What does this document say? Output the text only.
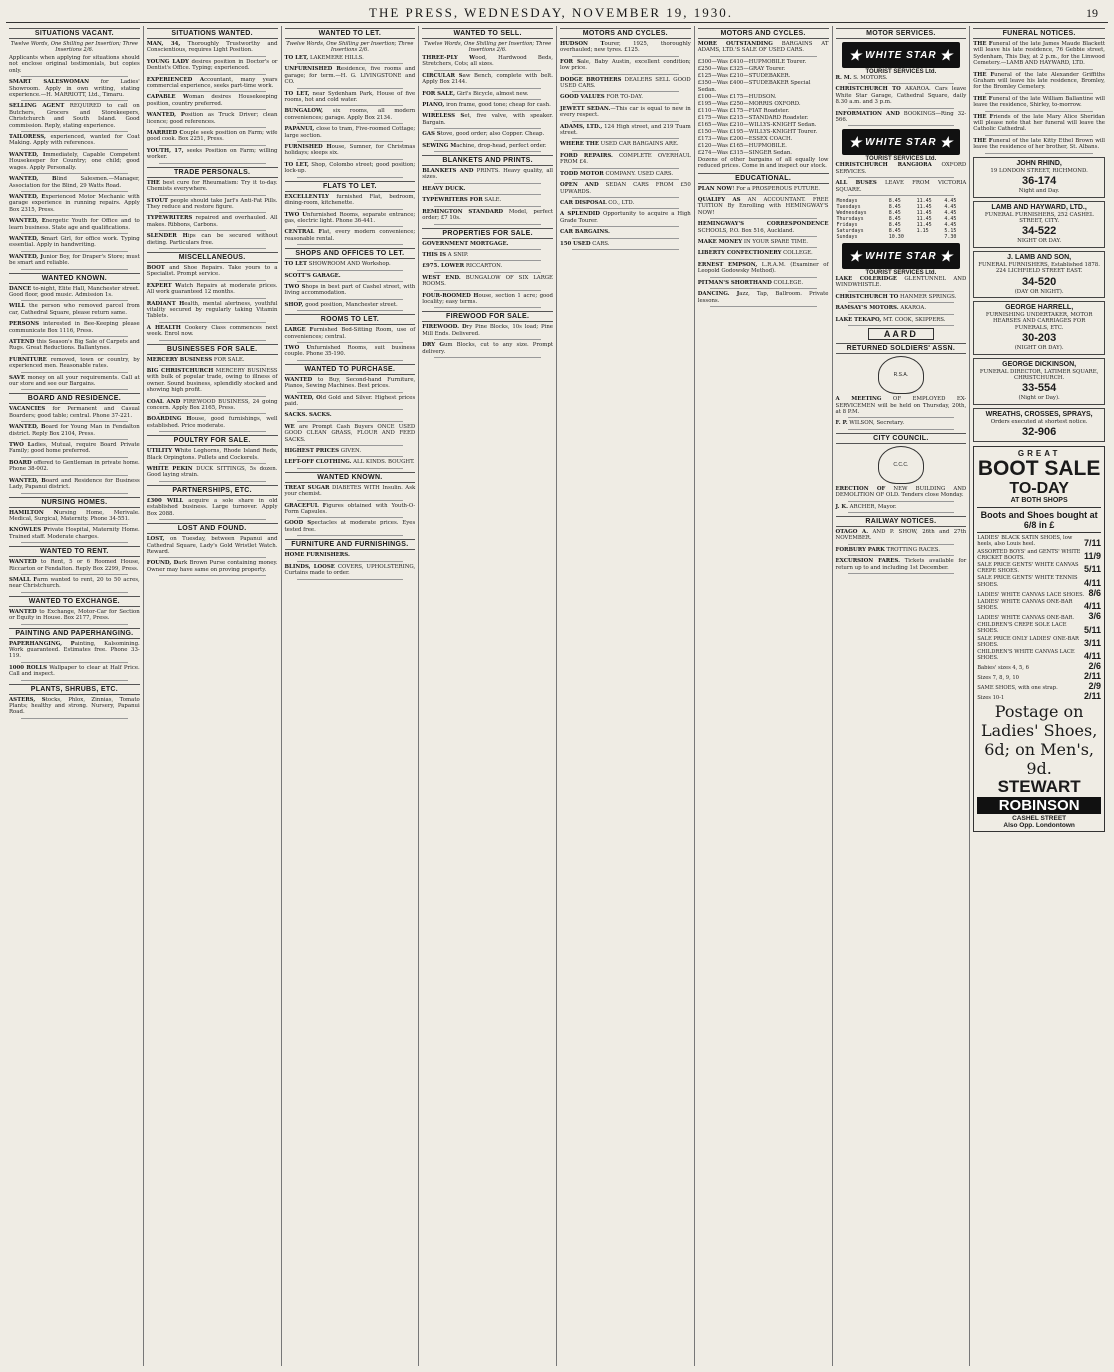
THE PRESS, WEDNESDAY, NOVEMBER 19, 1930.	19
SITUATIONS VACANT.
Twelve Words, One Shilling per Insertion; Three Insertions 2/6.

Applicants when applying for situations should not enclose original testimonials, but copies only.

SMART SALESWOMAN for Ladies' Showroom. Apply in own writing, stating experience.—H. MARRIOTT, Ltd., Timaru.

SELLING AGENT REQUIRED to call on Butchers, Grocers and Storekeepers, Christchurch and South Island. Good commission. Reply, stating experience.

TAILORESS, experienced, wanted for Coat Making. Apply with references.

WANTED, Immediately, Capable Competent Housekeeper for Country; one child; good wages. Apply Personally.

WANTED, Blind Salesmen.—Manager, Association for the Blind, 29 Watts Road.

WANTED, Experienced Motor Mechanic with garage experience in running repairs. Apply Box 2315, Press.

WANTED, Energetic Youth for Office and to learn business. State age and qualifications.

WANTED, Smart Girl, for office work. Typing essential. Apply in handwriting.

WANTED, Junior Boy, for Draper's Store; must be smart and reliable.

WANTED KNOWN.

DANCE to-night, Elite Hall, Manchester street. Good floor, good music. Admission 1s.

WILL the person who removed parcel from car, Cathedral Square, please return same.

PERSONS interested in Bee-Keeping please communicate Box 1116, Press.

ATTEND this Season's Big Sale of Carpets and Rugs. Great Reductions. Ballantynes.

FURNITURE removed, town or country, by experienced men. Reasonable rates.

SAVE money on all your requirements. Call at our store and see our Bargains.

BOARD AND RESIDENCE.

VACANCIES for Permanent and Casual Boarders; good table; central. Phone 37-221.

WANTED, Board for Young Man in Fendalton district. Reply Box 2104, Press.

TWO Ladies, Mutual, require Board Private Family; good home preferred.

BOARD offered to Gentleman in private home. Phone 38-002.

WANTED, Board and Residence for Business Lady, Papanui district.

NURSING HOMES.

HAMILTON Nursing Home, Merivale. Medical, Surgical, Maternity. Phone 34-551.

KNOWLES Private Hospital, Maternity Home. Trained staff. Moderate charges.

WANTED TO RENT.

WANTED to Rent, 5 or 6 Roomed House, Riccarton or Fendalton. Reply Box 2299, Press.

SMALL Farm wanted to rent, 20 to 50 acres, near Christchurch.

WANTED TO EXCHANGE.

WANTED to Exchange, Motor-Car for Section or Equity in House. Box 2177, Press.

PAINTING AND PAPERHANGING.

PAPERHANGING, Painting, Kalsomining. Work guaranteed. Estimates free. Phone 33-119.

1000 ROLLS Wallpaper to clear at Half Price. Call and inspect.

PLANTS, SHRUBS, ETC.

ASTERS, Stocks, Phlox, Zinnias, Tomato Plants; healthy and strong. Nursery, Papanui Road.

SITUATIONS WANTED.

MAN, 34, Thoroughly Trustworthy and Conscientious, requires Light Position.

YOUNG LADY desires position in Doctor's or Dentist's Office. Typing; experienced.

EXPERIENCED Accountant, many years commercial experience, seeks part-time work.

CAPABLE Woman desires Housekeeping position, country preferred.

WANTED, Position as Truck Driver; clean licence; good references.

MARRIED Couple seek position on Farm; wife good cook. Box 2251, Press.

YOUTH, 17, seeks Position on Farm; willing worker.

TRADE PERSONALS.

THE best cure for Rheumatism: Try it to-day. Chemists everywhere.

STOUT people should take Jarl's Anti-Fat Pills. They reduce and restore figure.

TYPEWRITERS repaired and overhauled. All makes. Ribbons, Carbons.

SLENDER Hips can be secured without dieting. Particulars free.

MISCELLANEOUS.

BOOT and Shoe Repairs. Take yours to a Specialist. Prompt service.

EXPERT Watch Repairs at moderate prices. All work guaranteed 12 months.

RADIANT Health, mental alertness, youthful vitality secured by regularly taking Vitamin Tablets.

A HEALTH Cookery Class commences next week. Enrol now.

BUSINESSES FOR SALE.

MERCERY BUSINESS FOR SALE.

BIG CHRISTCHURCH MERCERY BUSINESS with bulk of popular trade, owing to illness of owner. Sound business, splendidly stocked and showing high profit.

COAL AND FIREWOOD BUSINESS, 24 going concern. Apply Box 2165, Press.

BOARDING House, good furnishings, well established. Price moderate.

POULTRY FOR SALE.

UTILITY White Leghorns, Rhode Island Reds, Black Orpingtons. Pullets and Cockerels.

WHITE PEKIN DUCK SITTINGS, 5s dozen. Good laying strain.

PARTNERSHIPS, ETC.

£300 WILL acquire a sole share in old established business. Large turnover. Apply Box 2088.

LOST AND FOUND.

LOST, on Tuesday, between Papanui and Cathedral Square, Lady's Gold Wristlet Watch. Reward.

FOUND, Dark Brown Purse containing money. Owner may have same on proving property.

WANTED TO LET.
Twelve Words, One Shilling per Insertion; Three Insertions 2/6.

TO LET, LAKEMERE HILLS.

UNFURNISHED Residence, five rooms and garage; for term.—H. G. LIVINGSTONE and CO.

TO LET, near Sydenham Park, House of five rooms, hot and cold water.

BUNGALOW, six rooms, all modern conveniences; garage. Apply Box 2134.

PAPANUI, close to tram, Five-roomed Cottage; large section.

FURNISHED House, Sumner, for Christmas holidays; sleeps six.

TO LET, Shop, Colombo street; good position; lock-up.

FLATS TO LET.

EXCELLENTLY furnished Flat, bedroom, dining-room, kitchenette.

TWO Unfurnished Rooms, separate entrance; gas, electric light. Phone 36-441.

CENTRAL Flat, every modern convenience; reasonable rental.

SHOPS AND OFFICES TO LET.

TO LET SHOWROOM AND Workshop.

SCOTT'S GARAGE.

TWO Shops in best part of Cashel street, with living accommodation.

SHOP, good position, Manchester street.

ROOMS TO LET.

LARGE Furnished Bed-Sitting Room, use of conveniences; central.

TWO Unfurnished Rooms, suit business couple. Phone 35-190.

WANTED TO PURCHASE.

WANTED to Buy, Second-hand Furniture, Pianos, Sewing Machines. Best prices.

WANTED, Old Gold and Silver. Highest prices paid.

SACKS. SACKS.

WE are Prompt Cash Buyers ONCE USED GOOD CLEAN GRASS, FLOUR AND FEED SACKS.

HIGHEST PRICES GIVEN.

LEFT-OFF CLOTHING. ALL KINDS. BOUGHT.

WANTED KNOWN.

TREAT SUGAR DIABETES WITH Insulin. Ask your chemist.

GRACEFUL Figures obtained with Youth-O-Form Capsules.

GOOD Spectacles at moderate prices. Eyes tested free.

FURNITURE AND FURNISHINGS.

HOME FURNISHERS.

BLINDS, LOOSE COVERS, UPHOLSTERING, Curtains made to order.

WANTED TO SELL.
Twelve Words, One Shilling per Insertion; Three Insertions 2/6.

THREE-PLY Wood, Hardwood Beds, Stretchers, Cots; all sizes.

CIRCULAR Saw Bench, complete with belt. Apply Box 2144.

FOR SALE, Girl's Bicycle, almost new.

PIANO, iron frame, good tone; cheap for cash.

WIRELESS Set, five valve, with speaker. Bargain.

GAS Stove, good order; also Copper. Cheap.

SEWING Machine, drop-head, perfect order.

BLANKETS AND PRINTS.

BLANKETS AND PRINTS. Heavy quality, all sizes.

HEAVY DUCK.

TYPEWRITERS FOR SALE.

REMINGTON STANDARD Model, perfect order; £7 10s.

PROPERTIES FOR SALE.

GOVERNMENT MORTGAGE.

THIS IS A SNIP.

£975. LOWER RICCARTON.

WEST END. BUNGALOW OF SIX LARGE ROOMS.

FOUR-ROOMED House, section 1 acre; good locality; easy terms.

FIREWOOD FOR SALE.

FIREWOOD. Dry Pine Blocks, 10s load; Pine Mill Ends. Delivered.

DRY Gum Blocks, cut to any size. Prompt delivery.

MOTORS AND CYCLES.

HUDSON Tourer, 1925, thoroughly overhauled; new tyres. £125.

FOR Sale, Baby Austin, excellent condition; low price.

DODGE BROTHERS DEALERS SELL GOOD USED CARS.

GOOD VALUES FOR TO-DAY.

JEWETT SEDAN.—This car is equal to new in every respect.

ADAMS, LTD., 124 High street, and 219 Tuam street.

WHERE THE USED CAR BARGAINS ARE.

FORD REPAIRS. COMPLETE OVERHAUL FROM £4.

TODD MOTOR COMPANY. USED CARS.

OPEN AND SEDAN CARS FROM £50 UPWARDS.

CAR DISPOSAL CO., LTD.

A SPLENDID Opportunity to acquire a High Grade Tourer.

CAR BARGAINS.

150 USED CARS.

MOTORS AND CYCLES.

MORE OUTSTANDING BARGAINS AT ADAMS, LTD.'S SALE OF USED CARS.

£300—Was £410—HUPMOBILE Tourer.
£250—Was £325—GRAY Tourer.
£125—Was £210—STUDEBAKER.
£350—Was £400—STUDEBAKER Special Sedan.
£100—Was £175—HUDSON.
£195—Was £250—MORRIS OXFORD.
£110—Was £175—FIAT Roadster.
£175—Was £215—STANDARD Roadster.
£165—Was £210—WILLYS-KNIGHT Sedan.
£150—Was £195—WILLYS-KNIGHT Tourer.
£173—Was £200—ESSEX COACH.
£120—Was £165—HUPMOBILE.
£274—Was £315—SINGER Sedan.

Dozens of other bargains of all equally low reduced prices. Come in and inspect our stock.

EDUCATIONAL.

PLAN NOW! For a PROSPEROUS FUTURE.

QUALIFY AS AN ACCOUNTANT. FREE TUITION By Enrolling with HEMINGWAY'S NOW!

HEMINGWAY'S CORRESPONDENCE SCHOOLS, P.O. Box 516, Auckland.

MAKE MONEY IN YOUR SPARE TIME.

LIBERTY CONFECTIONERY COLLEGE.

ERNEST EMPSON, L.R.A.M. (Examiner of Leopold Godowsky Method).

PITMAN'S SHORTHAND COLLEGE.

DANCING. Jazz, Tap, Ballroom. Private lessons.

MOTOR SERVICES.
★ WHITE STAR ★
TOURIST SERVICES Ltd.

R. M. S. MOTORS.

CHRISTCHURCH TO AKAROA. Cars leave White Star Garage, Cathedral Square, daily 8.30 a.m. and 3 p.m.

INFORMATION AND BOOKINGS—Ring 32-566.

★ WHITE STAR ★
TOURIST SERVICES Ltd.

CHRISTCHURCH RANGIORA OXFORD SERVICES.

ALL BUSES LEAVE FROM VICTORIA SQUARE.

Mondays	8.45	11.45	4.45
Tuesdays	8.45	11.45	4.45
Wednesdays	8.45	11.45	4.45
Thursdays	8.45	11.45	4.45
Fridays	8.45	11.45	4.45
Saturdays	8.45	1.15	5.15
Sundays	10.30		7.30
★ WHITE STAR ★
TOURIST SERVICES Ltd.

LAKE COLERIDGE GLENTUNNEL AND WINDWHISTLE.

CHRISTCHURCH TO HANMER SPRINGS.

RAMSAY'S MOTORS. AKAROA.

LAKE TEKAPO, MT. COOK, SKIPPERS.

AARD
RETURNED SOLDIERS' ASSN.
R.S.A.

A MEETING OF EMPLOYED EX-SERVICEMEN will be held on Thursday, 20th, at 8 P.M.

F. P. WILSON, Secretary.

CITY COUNCIL.
C.C.C.

ERECTION OF NEW BUILDING AND DEMOLITION OF OLD. Tenders close Monday.

J. K. ARCHER, Mayor.

RAILWAY NOTICES.

OTAGO A. AND P. SHOW, 26th and 27th NOVEMBER.

FORBURY PARK TROTTING RACES.

EXCURSION FARES. Tickets available for return up to and including 1st December.

FUNERAL NOTICES.

THE Funeral of the late James Maude Blackett will leave his late residence, 76 Gebbie street, Sydenham, This Day, at 2 p.m., for the Linwood Cemetery.—LAMB AND HAYWARD, LTD.

THE Funeral of the late Alexander Griffiths Graham will leave his late residence, Bromley, for the Bromley Cemetery.

THE Funeral of the late William Ballantine will leave the residence, Shirley, to-morrow.

THE Friends of the late Mary Alice Sheridan will please note that her funeral will leave the Catholic Cathedral.

THE Funeral of the late Kitty Ethel Brown will leave the residence of her brother, St. Albans.

JOHN RHIND,
19 LONDON STREET, RICHMOND.
36-174
Night and Day.
LAMB AND HAYWARD, LTD.,
FUNERAL FURNISHERS, 252 CASHEL STREET, CITY.
34-522
NIGHT OR DAY.
J. LAMB AND SON,
FUNERAL FURNISHERS, Established 1878. 224 LICHFIELD STREET EAST.
34-520
(DAY OR NIGHT).
GEORGE HARRELL,
FURNISHING UNDERTAKER, MOTOR HEARSES AND CARRIAGES FOR FUNERALS, ETC.
30-203
(NIGHT OR DAY).
GEORGE DICKINSON,
FUNERAL DIRECTOR, LATIMER SQUARE, CHRISTCHURCH.
33-554
(Night or Day).
WREATHS, CROSSES, SPRAYS,
Orders executed at shortest notice.
32-906
GREAT
BOOT SALE
TO-DAY
AT BOTH SHOPS
Boots and Shoes bought at 6/8 in £
LADIES' BLACK SATIN SHOES, low heels, also Louis heel.	7/11
ASSORTED BOYS' and GENTS' WHITE CRICKET BOOTS.	11/9
SALE PRICE GENTS' WHITE CANVAS CREPE SHOES.	5/11
SALE PRICE GENTS' WHITE TENNIS SHOES.	4/11
LADIES' WHITE CANVAS LACE SHOES. 8/6
LADIES' WHITE CANVAS ONE-BAR SHOES.	4/11
LADIES' WHITE CANVAS ONE-BAR.	3/6
CHILDREN'S CREPE SOLE LACE SHOES.	5/11
SALE PRICE ONLY LADIES' ONE-BAR SHOES.	3/11
CHILDREN'S WHITE CANVAS LACE SHOES.	4/11
Babies' sizes 4, 5, 6	2/6
Sizes 7, 8, 9, 10	2/11
SAME SHOES, with one strap.	2/9
Sizes 10-1	2/11
Postage on Ladies' Shoes, 6d; on Men's, 9d.
STEWART
ROBINSON
CASHEL STREET
Also Opp. Londontown
